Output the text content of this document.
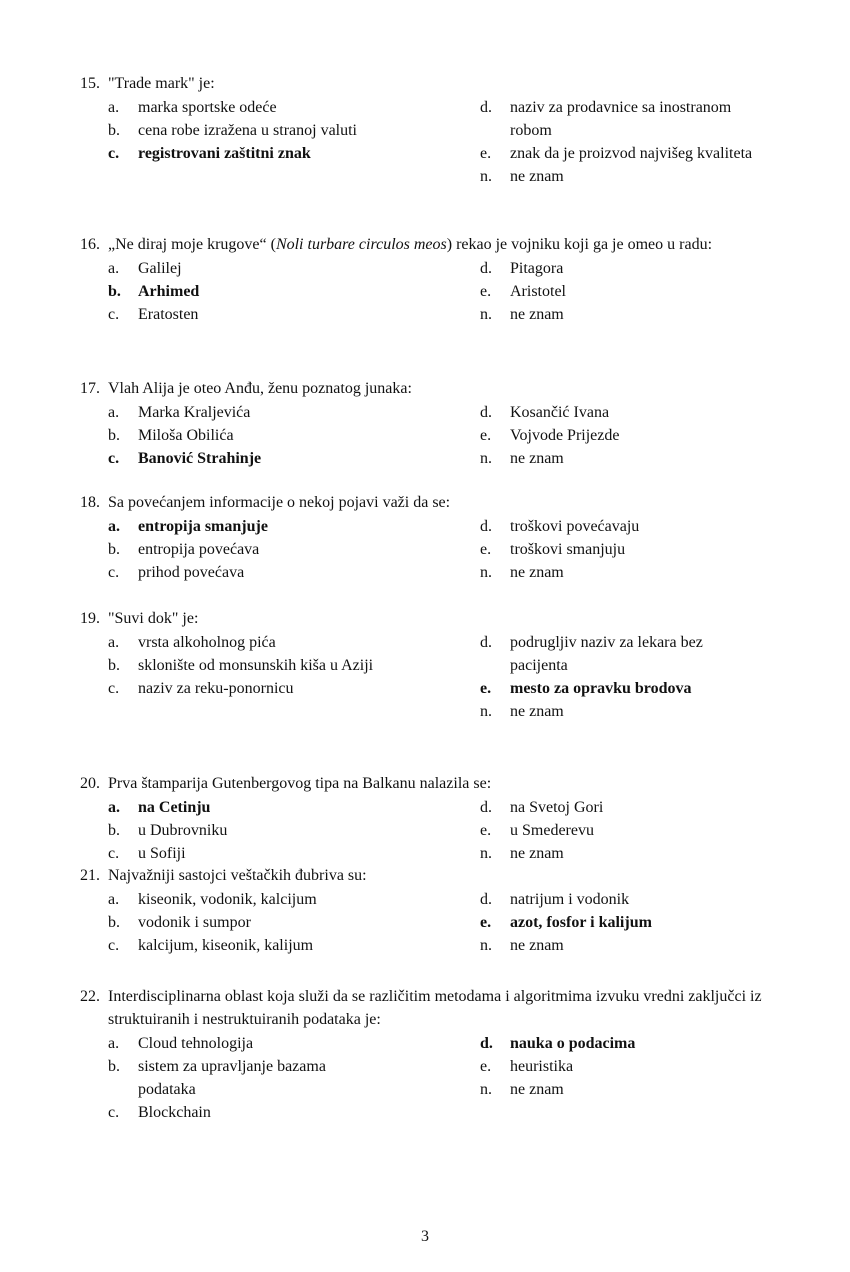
15. "Trade mark" je:
a.	marka sportske odeće
b.	cena robe izražena u stranoj valuti
c.	registrovani zaštitni znak
d.	naziv za prodavnice sa inostranom robom
e.	znak da je proizvod najvišeg kvaliteta
n.	ne znam
16. „Ne diraj moje krugove“ (Noli turbare circulos meos) rekao je vojniku koji ga je omeo u radu:
a.	Galilej
b.	Arhimed
c.	Eratosten
d.	Pitagora
e.	Aristotel
n.	ne znam
17. Vlah Alija je oteo Anđu, ženu poznatog junaka:
a.	Marka Kraljevića
b.	Miloša Obilića
c.	Banović Strahinje
d.	Kosančić Ivana
e.	Vojvode Prijezde
n.	ne znam
18. Sa povećanjem informacije o nekoj pojavi važi da se:
a.	entropija smanjuje
b.	entropija povećava
c.	prihod povećava
d.	troškovi povećavaju
e.	troškovi smanjuju
n.	ne znam
19. "Suvi dok" je:
a.	vrsta alkoholnog pića
b.	sklonište od monsunskih kiša u Aziji
c.	naziv za reku-ponornicu
d.	podrugljiv naziv za lekara bez pacijenta
e.	mesto za opravku brodova
n.	ne znam
20. Prva štamparija Gutenbergovog tipa na Balkanu nalazila se:
a.	na Cetinju
b.	u Dubrovniku
c.	u Sofiji
d.	na Svetoj Gori
e.	u Smederevu
n.	ne znam
21. Najvažniji sastojci veštačkih đubriva su:
a.	kiseonik, vodonik, kalcijum
b.	vodonik i sumpor
c.	kalcijum, kiseonik, kalijum
d.	natrijum i vodonik
e.	azot, fosfor i kalijum
n.	ne znam
22. Interdisciplinarna oblast koja služi da se različitim metodama i algoritmima izvuku vredni zaključci iz struktuiranih i nestruktuiranih podataka je:
a.	Cloud tehnologija
b.	sistem za upravljanje bazama podataka
c.	Blockchain
d.	nauka o podacima
e.	heuristika
n.	ne znam
3
